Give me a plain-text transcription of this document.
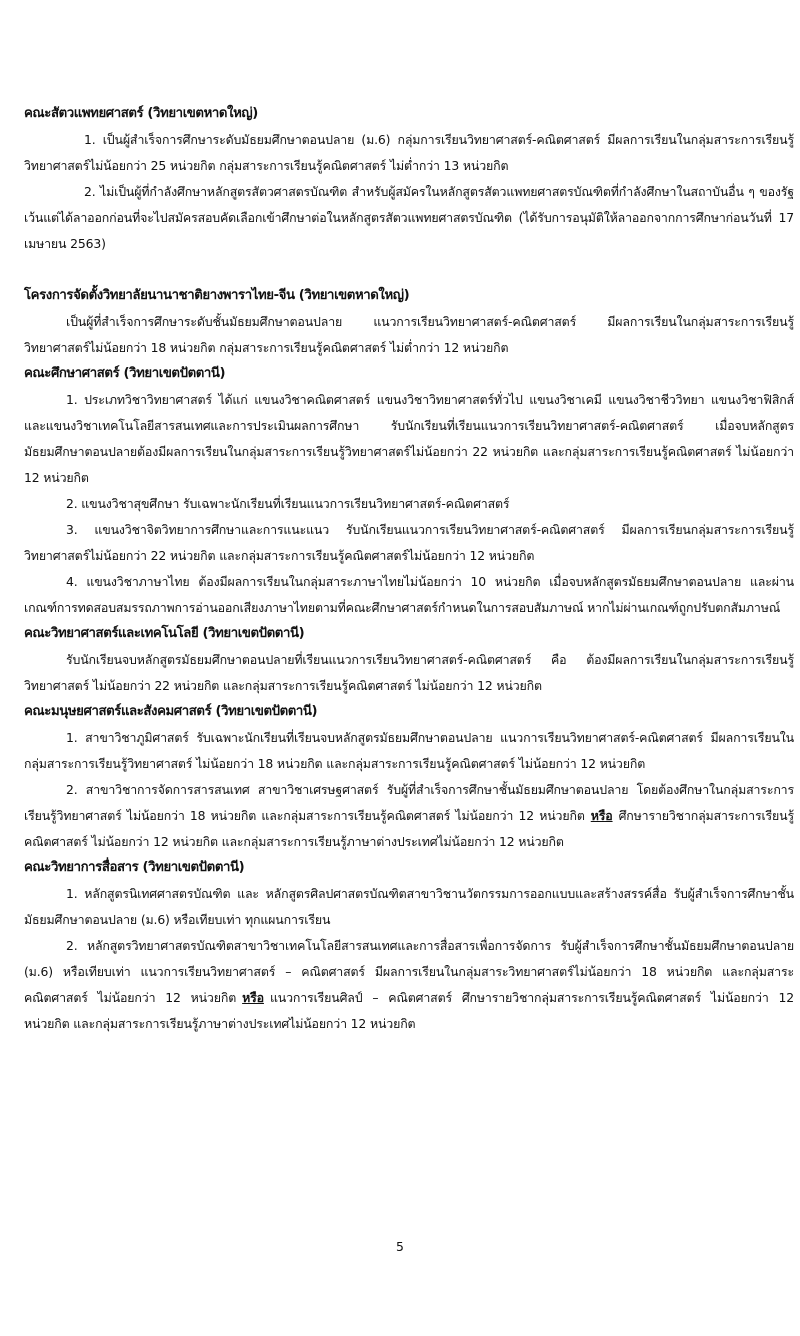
คณะสัตวแพทยศาสตร์ (วิทยาเขตหาดใหญ่)

1. เป็นผู้สำเร็จการศึกษาระดับมัธยมศึกษาตอนปลาย (ม.6) กลุ่มการเรียนวิทยาศาสตร์-คณิตศาสตร์ มีผลการเรียนในกลุ่มสาระการเรียนรู้วิทยาศาสตร์ไม่น้อยกว่า 25 หน่วยกิต กลุ่มสาระการเรียนรู้คณิตศาสตร์ ไม่ต่ำกว่า 13 หน่วยกิต

2. ไม่เป็นผู้ที่กำลังศึกษาหลักสูตรสัตวศาสตรบัณฑิต สำหรับผู้สมัครในหลักสูตรสัตวแพทยศาสตรบัณฑิตที่กำลังศึกษาในสถาบันอื่น ๆ ของรัฐ เว้นแต่ได้ลาออกก่อนที่จะไปสมัครสอบคัดเลือกเข้าศึกษาต่อในหลักสูตรสัตวแพทยศาสตรบัณฑิต (ได้รับการอนุมัติให้ลาออกจากการศึกษาก่อนวันที่ 17 เมษายน 2563)

โครงการจัดตั้งวิทยาลัยนานาชาติยางพาราไทย-จีน (วิทยาเขตหาดใหญ่)

เป็นผู้ที่สำเร็จการศึกษาระดับชั้นมัธยมศึกษาตอนปลาย แนวการเรียนวิทยาศาสตร์-คณิตศาสตร์ มีผลการเรียนในกลุ่มสาระการเรียนรู้วิทยาศาสตร์ไม่น้อยกว่า 18 หน่วยกิต กลุ่มสาระการเรียนรู้คณิตศาสตร์ ไม่ต่ำกว่า 12 หน่วยกิต

คณะศึกษาศาสตร์ (วิทยาเขตปัตตานี)

1. ประเภทวิชาวิทยาศาสตร์ ได้แก่ แขนงวิชาคณิตศาสตร์ แขนงวิชาวิทยาศาสตร์ทั่วไป แขนงวิชาเคมี แขนงวิชาชีววิทยา แขนงวิชาฟิสิกส์ และแขนงวิชาเทคโนโลยีสารสนเทศและการประเมินผลการศึกษา รับนักเรียนที่เรียนแนวการเรียนวิทยาศาสตร์-คณิตศาสตร์ เมื่อจบหลักสูตรมัธยมศึกษาตอนปลายต้องมีผลการเรียนในกลุ่มสาระการเรียนรู้วิทยาศาสตร์ไม่น้อยกว่า 22 หน่วยกิต และกลุ่มสาระการเรียนรู้คณิตศาสตร์ ไม่น้อยกว่า 12 หน่วยกิต

2. แขนงวิชาสุขศึกษา รับเฉพาะนักเรียนที่เรียนแนวการเรียนวิทยาศาสตร์-คณิตศาสตร์

3. แขนงวิชาจิตวิทยาการศึกษาและการแนะแนว รับนักเรียนแนวการเรียนวิทยาศาสตร์-คณิตศาสตร์ มีผลการเรียนกลุ่มสาระการเรียนรู้วิทยาศาสตร์ไม่น้อยกว่า 22 หน่วยกิต และกลุ่มสาระการเรียนรู้คณิตศาสตร์ไม่น้อยกว่า 12 หน่วยกิต

4. แขนงวิชาภาษาไทย ต้องมีผลการเรียนในกลุ่มสาระภาษาไทยไม่น้อยกว่า 10 หน่วยกิต เมื่อจบหลักสูตรมัธยมศึกษาตอนปลาย และผ่านเกณฑ์การทดสอบสมรรถภาพการอ่านออกเสียงภาษาไทยตามที่คณะศึกษาศาสตร์กำหนดในการสอบสัมภาษณ์ หากไม่ผ่านเกณฑ์ถูกปรับตกสัมภาษณ์

คณะวิทยาศาสตร์และเทคโนโลยี (วิทยาเขตปัตตานี)

รับนักเรียนจบหลักสูตรมัธยมศึกษาตอนปลายที่เรียนแนวการเรียนวิทยาศาสตร์-คณิตศาสตร์ คือ ต้องมีผลการเรียนในกลุ่มสาระการเรียนรู้วิทยาศาสตร์ ไม่น้อยกว่า 22 หน่วยกิต และกลุ่มสาระการเรียนรู้คณิตศาสตร์ ไม่น้อยกว่า 12 หน่วยกิต

คณะมนุษยศาสตร์และสังคมศาสตร์ (วิทยาเขตปัตตานี)

1. สาขาวิชาภูมิศาสตร์ รับเฉพาะนักเรียนที่เรียนจบหลักสูตรมัธยมศึกษาตอนปลาย แนวการเรียนวิทยาศาสตร์-คณิตศาสตร์ มีผลการเรียนในกลุ่มสาระการเรียนรู้วิทยาศาสตร์ ไม่น้อยกว่า 18 หน่วยกิต และกลุ่มสาระการเรียนรู้คณิตศาสตร์ ไม่น้อยกว่า 12 หน่วยกิต

2. สาขาวิชาการจัดการสารสนเทศ สาขาวิชาเศรษฐศาสตร์ รับผู้ที่สำเร็จการศึกษาชั้นมัธยมศึกษาตอนปลาย โดยต้องศึกษาในกลุ่มสาระการเรียนรู้วิทยาศาสตร์ ไม่น้อยกว่า 18 หน่วยกิต และกลุ่มสาระการเรียนรู้คณิตศาสตร์ ไม่น้อยกว่า 12 หน่วยกิต หรือ ศึกษารายวิชากลุ่มสาระการเรียนรู้คณิตศาสตร์ ไม่น้อยกว่า 12 หน่วยกิต และกลุ่มสาระการเรียนรู้ภาษาต่างประเทศไม่น้อยกว่า 12 หน่วยกิต

คณะวิทยาการสื่อสาร (วิทยาเขตปัตตานี)

1. หลักสูตรนิเทศศาสตรบัณฑิต และ หลักสูตรศิลปศาสตรบัณฑิตสาขาวิชานวัตกรรมการออกแบบและสร้างสรรค์สื่อ รับผู้สำเร็จการศึกษาชั้นมัธยมศึกษาตอนปลาย (ม.6) หรือเทียบเท่า ทุกแผนการเรียน

2. หลักสูตรวิทยาศาสตรบัณฑิตสาขาวิชาเทคโนโลยีสารสนเทศและการสื่อสารเพื่อการจัดการ รับผู้สำเร็จการศึกษาชั้นมัธยมศึกษาตอนปลาย (ม.6) หรือเทียบเท่า แนวการเรียนวิทยาศาสตร์ – คณิตศาสตร์ มีผลการเรียนในกลุ่มสาระวิทยาศาสตร์ไม่น้อยกว่า 18 หน่วยกิต และกลุ่มสาระคณิตศาสตร์ ไม่น้อยกว่า 12 หน่วยกิต หรือ แนวการเรียนศิลป์ – คณิตศาสตร์ ศึกษารายวิชากลุ่มสาระการเรียนรู้คณิตศาสตร์ ไม่น้อยกว่า 12 หน่วยกิต และกลุ่มสาระการเรียนรู้ภาษาต่างประเทศไม่น้อยกว่า 12 หน่วยกิต

5
